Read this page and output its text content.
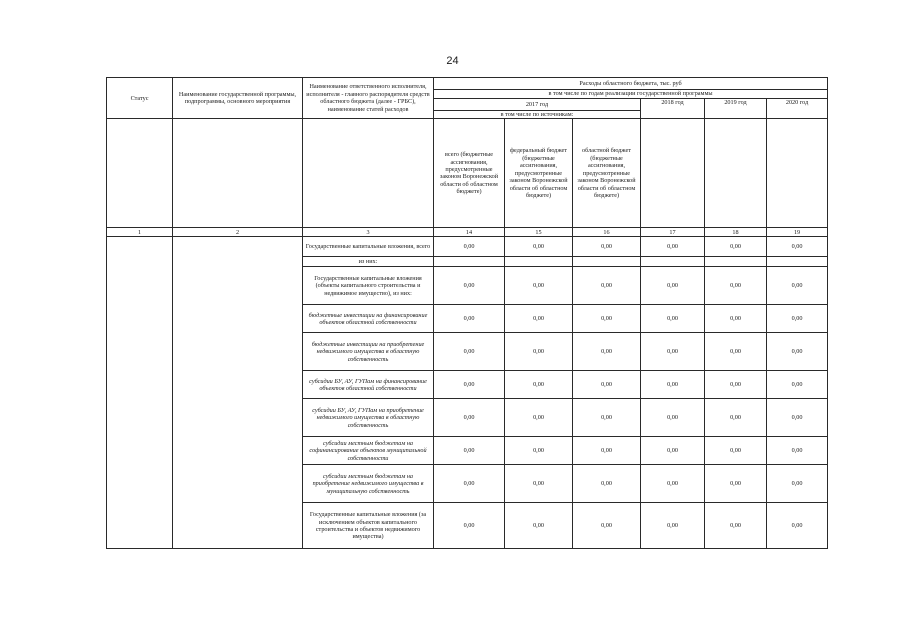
24
Статус	Наименование государственной программы, подпрограммы, основного мероприятия	Наименование ответственного исполнителя, исполнителя - главного распорядителя средств областного бюджета (далее - ГРБС), наименование статей расходов	Расходы областного бюджета, тыс. руб					
			в том числе по годам реализации государственной программы					
			2017 год			2018 год	2019 год	2020 год
			в том числе по источникам:					
			всего (бюджетные ассигнования, предусмотренные законом Воронежской области об областном бюджете)	федеральный бюджет (бюджетные ассигнования, предусмотренные законом Воронежской области об областном бюджете)	областной бюджет (бюджетные ассигнования, предусмотренные законом Воронежской области об областном бюджете)			
1	2	3	14	15	16	17	18	19
		Государственные капитальные вложения, всего	0,00	0,00	0,00	0,00	0,00	0,00
		из них:						
		Государственные капитальные вложения (объекты капитального строительства и недвижимое имущество), из них:	0,00	0,00	0,00	0,00	0,00	0,00
		бюджетные инвестиции на финансирование объектов областной собственности	0,00	0,00	0,00	0,00	0,00	0,00
		бюджетные инвестиции на приобретение недвижимого имущества в областную собственность	0,00	0,00	0,00	0,00	0,00	0,00
		субсидии БУ, АУ, ГУПам на финансирование объектов областной собственности	0,00	0,00	0,00	0,00	0,00	0,00
		субсидии БУ, АУ, ГУПам на приобретение недвижимого имущества в областную собственность	0,00	0,00	0,00	0,00	0,00	0,00
		субсидии местным бюджетам на софинансирование объектов муниципальной собственности	0,00	0,00	0,00	0,00	0,00	0,00
		субсидии местным бюджетам на приобретение недвижимого имущества в муниципальную собственность	0,00	0,00	0,00	0,00	0,00	0,00
		Государственные капитальные вложения (за исключением объектов капитального строительства и объектов недвижимого имущества)	0,00	0,00	0,00	0,00	0,00	0,00
